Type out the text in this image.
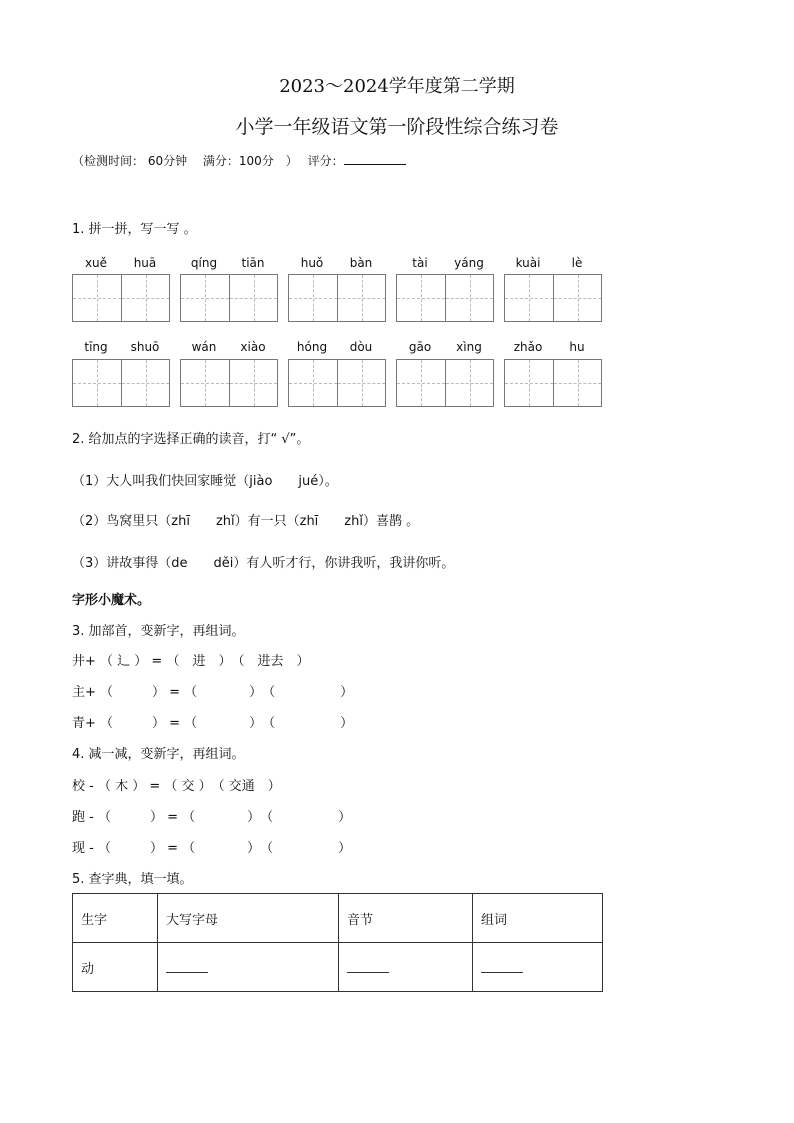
2023～2024学年度第二学期
小学一年级语文第一阶段性综合练习卷
（检测时间： 60分钟　 满分：100分　）　 评分：
1. 拼一拼，写一写 。
xuě	huā	qíng	tiān	huǒ	bàn	tài	yáng	kuài	lè
tīng	shuō	wán	xiào	hóng	dòu	gāo	xìng	zhǎo	hu
2. 给加点的字选择正确的读音，打“ √”。
（1）大人叫我们快回家睡觉（jiào　　jué）。
（2）鸟窝里只（zhī　　zhǐ）有一只（zhī　　zhǐ）喜鹊 。
（3）讲故事得（de　　děi）有人听才行，你讲我听，我讲你听。
字形小魔术。
3. 加部首，变新字，再组词。
井+ （ 辶 ） = （　进　）　（　进去　）
主+ （　　　） = （　　　　）　（　　　　　）
青+ （　　　） = （　　　　）　（　　　　　）
4. 减一减，变新字，再组词。
校 - （ 木 ） = （ 交 ）　（ 交通　）
跑 - （　　　） = （　　　　）　（　　　　　）
现 - （　　　） = （　　　　）　（　　　　　）
5. 查字典，填一填。
生字	大写字母	音节	组词
动			
